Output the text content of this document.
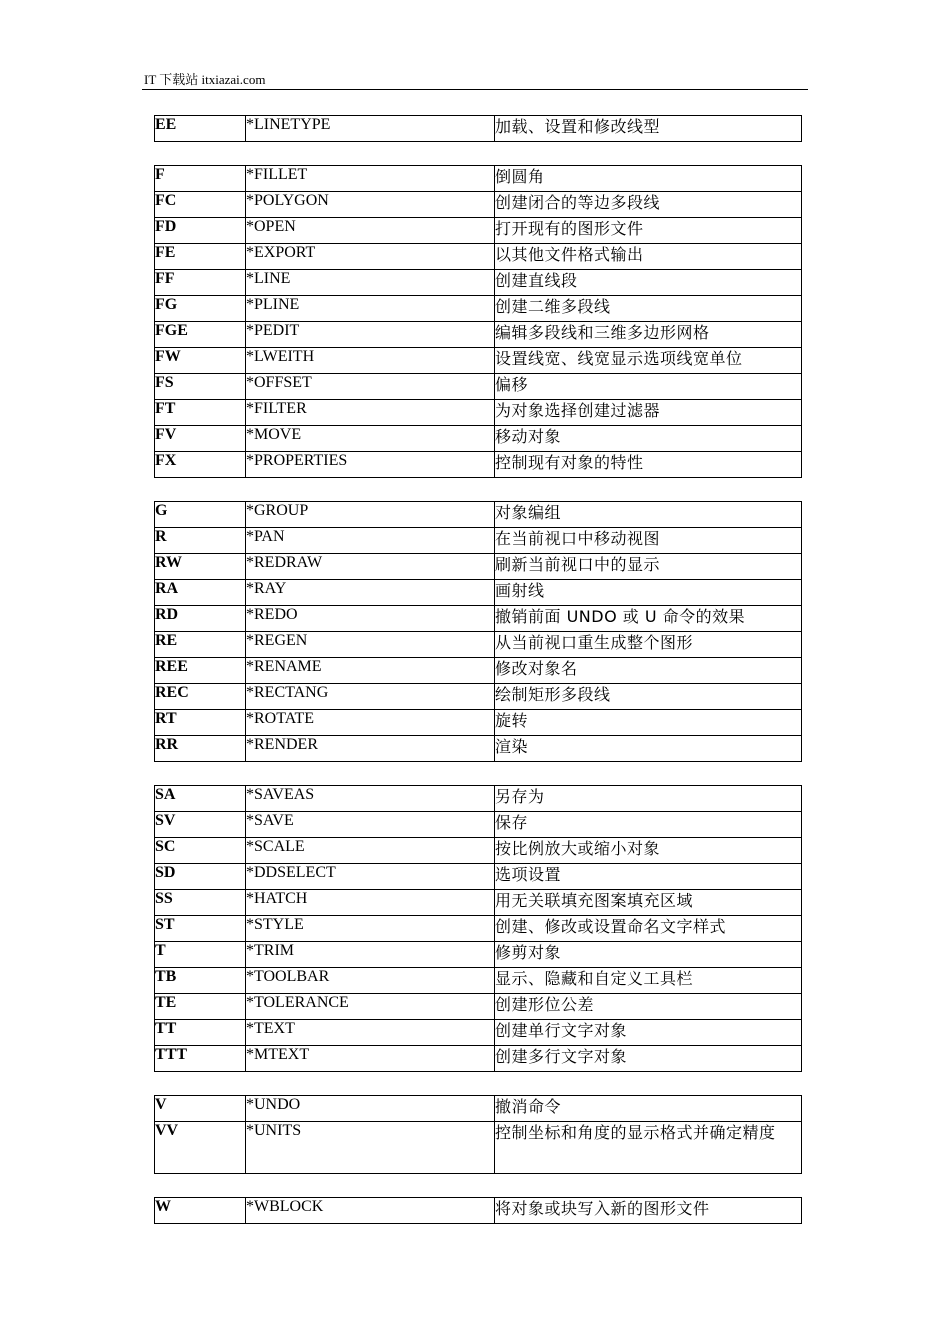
IT 下载站 itxiazai.com
EE	*LINETYPE	加载、设置和修改线型
F	*FILLET	倒圆角
FC	*POLYGON	创建闭合的等边多段线
FD	*OPEN	打开现有的图形文件
FE	*EXPORT	以其他文件格式输出
FF	*LINE	创建直线段
FG	*PLINE	创建二维多段线
FGE	*PEDIT	编辑多段线和三维多边形网格
FW	*LWEITH	设置线宽、线宽显示选项线宽单位
FS	*OFFSET	偏移
FT	*FILTER	为对象选择创建过滤器
FV	*MOVE	移动对象
FX	*PROPERTIES	控制现有对象的特性
G	*GROUP	对象编组
R	*PAN	在当前视口中移动视图
RW	*REDRAW	刷新当前视口中的显示
RA	*RAY	画射线
RD	*REDO	撤销前面 UNDO 或 U 命令的效果
RE	*REGEN	从当前视口重生成整个图形
REE	*RENAME	修改对象名
REC	*RECTANG	绘制矩形多段线
RT	*ROTATE	旋转
RR	*RENDER	渲染
SA	*SAVEAS	另存为
SV	*SAVE	保存
SC	*SCALE	按比例放大或缩小对象
SD	*DDSELECT	选项设置
SS	*HATCH	用无关联填充图案填充区域
ST	*STYLE	创建、修改或设置命名文字样式
T	*TRIM	修剪对象
TB	*TOOLBAR	显示、隐藏和自定义工具栏
TE	*TOLERANCE	创建形位公差
TT	*TEXT	创建单行文字对象
TTT	*MTEXT	创建多行文字对象
V	*UNDO	撤消命令
VV	*UNITS	控制坐标和角度的显示格式并确定精度
W	*WBLOCK	将对象或块写入新的图形文件
